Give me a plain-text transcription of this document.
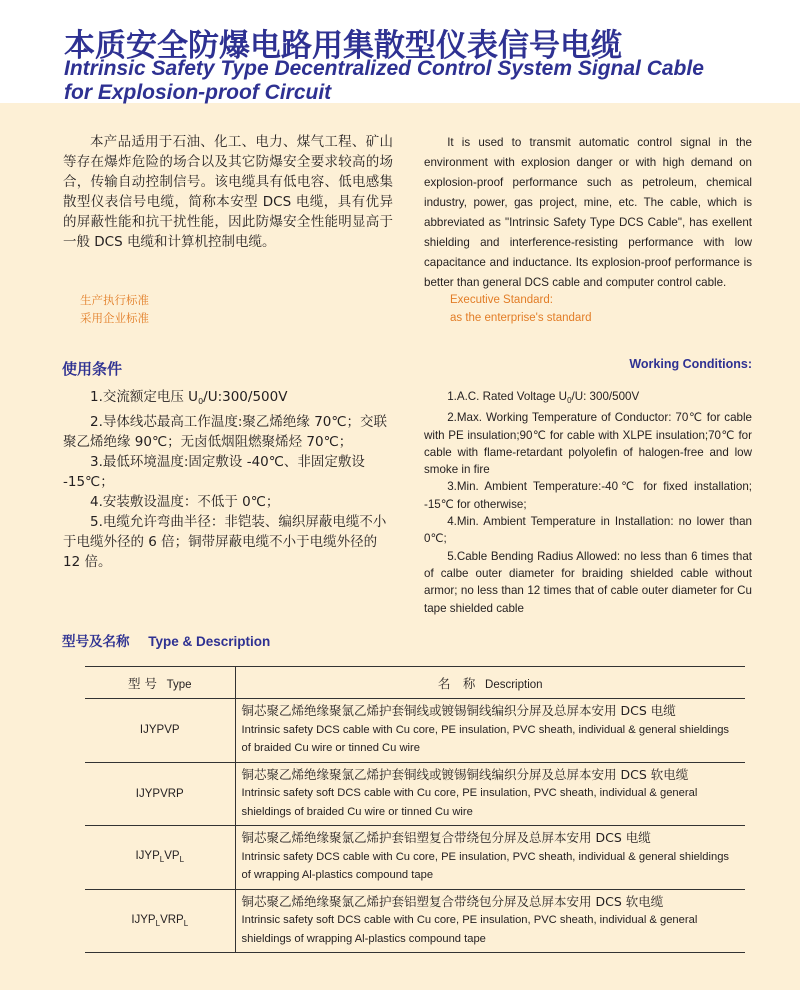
本质安全防爆电路用集散型仪表信号电缆
Intrinsic Safety Type Decentralized Control System Signal Cable
for Explosion-proof Circuit

本产品适用于石油、化工、电力、煤气工程、矿山等存在爆炸危险的场合以及其它防爆安全要求较高的场合，传输自动控制信号。该电缆具有低电容、低电感集散型仪表信号电缆，简称本安型 DCS 电缆，具有优异的屏蔽性能和抗干扰性能，因此防爆安全性能明显高于一般 DCS 电缆和计算机控制电缆。

It is used to transmit automatic control signal in the environment with explosion danger or with high demand on explosion-proof performance such as petroleum, chemical industry, power, gas project, mine, etc. The cable, which is abbreviated as "Intrinsic Safety Type DCS Cable", has exellent shielding and interference-resisting performance with low capacitance and inductance. Its explosion-proof performance is better than general DCS cable and computer control cable.

生产执行标准
采用企业标准
Executive Standard:
as the enterprise's standard
使用条件	Working Conditions:

1.交流额定电压 $U_0/U:300/500V$

2.导体线芯最高工作温度:聚乙烯绝缘 70℃；交联聚乙烯绝缘 90℃；无卤低烟阻燃聚烯烃 70℃；

3.最低环境温度:固定敷设 -40℃、非固定敷设 -15℃；

4.安装敷设温度：不低于 0℃；

5.电缆允许弯曲半径：非铠装、编织屏蔽电缆不小于电缆外径的 6 倍；铜带屏蔽电缆不小于电缆外径的 12 倍。

1.A.C. Rated Voltage $U_0/U$: 300/500V

2.Max. Working Temperature of Conductor: 70℃ for cable with PE insulation;90℃ for cable with XLPE insulation;70℃ for cable with flame-retardant polyolefin of halogen-free and low smoke in fire

3.Min. Ambient Temperature:-40℃ for fixed installation; -15℃ for otherwise;

4.Min. Ambient Temperature in Installation: no lower than 0℃;

5.Cable Bending Radius Allowed: no less than 6 times that of calbe outer diameter for braiding shielded cable without armor; no less than 12 times that of cable outer diameter for Cu tape shielded cable

型号及名称 Type & Description
型 号 Type	名　称 Description
IJYPVP	铜芯聚乙烯绝缘聚氯乙烯护套铜线或镀锡铜线编织分屏及总屏本安用 DCS 电缆
Intrinsic safety DCS cable with Cu core, PE insulation, PVC sheath, individual & general shieldings of braided Cu wire or tinned Cu wire

IJYPVRP	铜芯聚乙烯绝缘聚氯乙烯护套铜线或镀锡铜线编织分屏及总屏本安用 DCS 软电缆
Intrinsic safety soft DCS cable with Cu core, PE insulation, PVC sheath, individual & general shieldings of braided Cu wire or tinned Cu wire

$IJYP_LVP_L$	铜芯聚乙烯绝缘聚氯乙烯护套铝塑复合带绕包分屏及总屏本安用 DCS 电缆
Intrinsic safety DCS cable with Cu core, PE insulation, PVC sheath, individual & general shieldings of wrapping Al-plastics compound tape

$IJYP_LVRP_L$	铜芯聚乙烯绝缘聚氯乙烯护套铝塑复合带绕包分屏及总屏本安用 DCS 软电缆
Intrinsic safety soft DCS cable with Cu core, PE insulation, PVC sheath, individual & general shieldings of wrapping Al-plastics compound tape
